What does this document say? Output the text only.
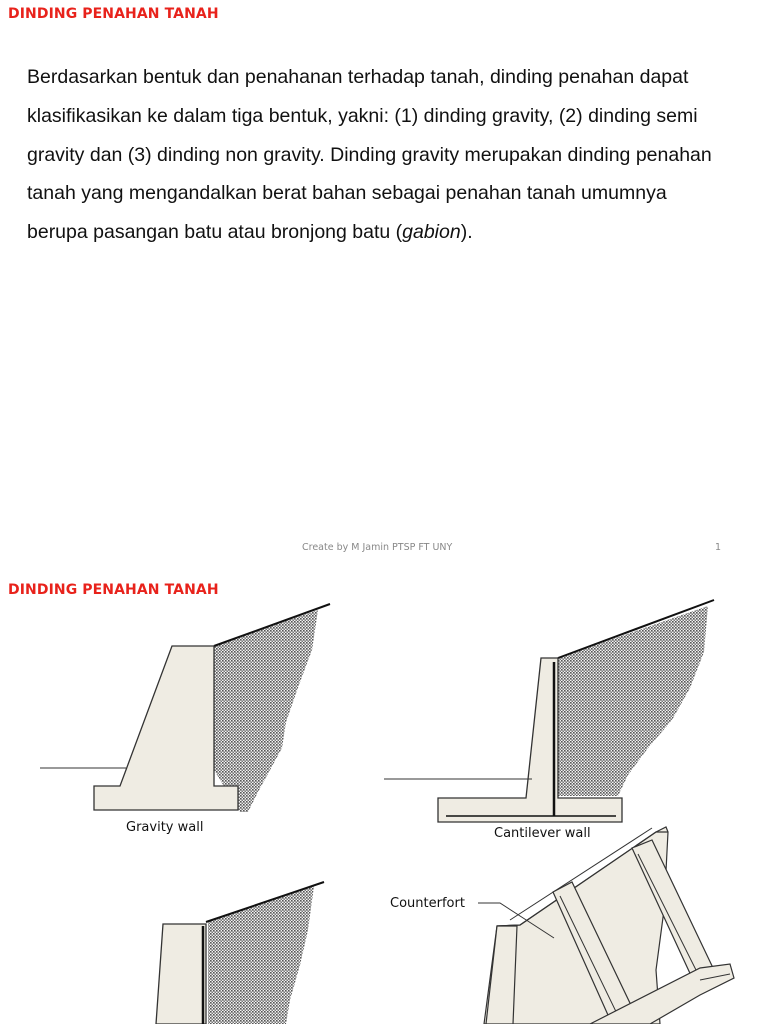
DINDING PENAHAN TANAH
Berdasarkan bentuk dan penahanan terhadap tanah, dinding penahan dapat klasifikasikan ke dalam tiga bentuk, yakni: (1) dinding gravity, (2) dinding semi gravity dan (3) dinding non gravity. Dinding gravity merupakan dinding penahan tanah yang mengandalkan berat bahan sebagai penahan tanah umumnya berupa pasangan batu atau bronjong batu (gabion).
Create by M Jamin PTSP FT UNY	1
DINDING PENAHAN TANAH
Gravity wall	Cantilever wall
Counterfort
